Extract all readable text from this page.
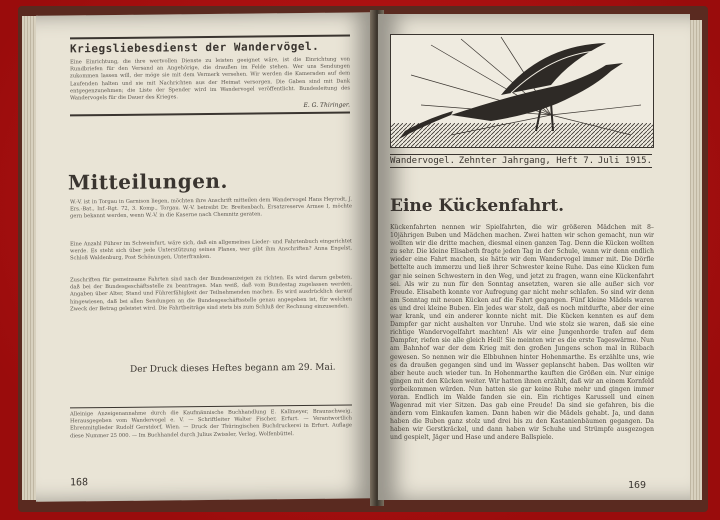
Kriegsliebesdienst der Wandervögel.
Eine Einrichtung, die ihre wertvollen Dienste zu leisten geeignet wäre, ist die Einrichtung von Rundbriefen für den Versand an Angehörige, die draußen im Felde stehen. Wer uns Sendungen zukommen lassen will, der möge sie mit dem Vermerk versehen. Wir werden die Kameraden auf dem Laufenden halten und sie mit Nachrichten aus der Heimat versorgen. Die Gaben sind mit Dank entgegenzunehmen; die Liste der Spender wird im Wandervogel veröffentlicht. Bundesleitung des Wandervogels für die Dauer des Krieges.
E. G. Thiringer.
Mitteilungen.
W.-V. ist in Torgau in Garnison liegen, möchten ihre Anschrift mitteilen dem Wandervogel Hans Heyrodt, J. Ers.-Bat., Inf.-Rgt. 72, 3. Komp., Torgau. W.-V. betreibt Dr. Breitenbach, Ersatzreserve Armee I, möchte gern bekannt werden, wenn W.-V. in die Kaserne nach Chemnitz geraten.
Eine Anzahl Führer im Schweinfurt, wäre sich, daß ein allgemeines Lieder- und Fahrtenbuch eingerichtet werde. Es steht sich über jede Unterstützung seines Planes, wer gibt ihm Anschriften? Anna Engelst, Schloß Waldenburg, Post Schönungen, Unterfranken.
Zuschriften für gemeinsame Fahrten sind nach der Bundesanzeigen zu richten. Es wird darum gebeten, daß bei der Bundesgeschäftsstelle zu beantragen. Man weiß, daß vom Bundestag zugelassen werden. Angaben über Alter, Stand und Führerfähigkeit der Teilnehmenden machen. Es wird ausdrücklich darauf hingewiesen, daß bei allen Sendungen an die Bundesgeschäftsstelle genau angegeben ist, für welchen Zweck der Betrag geleistet wird. Die Fahrtbeiträge sind stets bis zum Schluß der Rechnung einzusenden.
Der Druck dieses Heftes begann am 29. Mai.
Alleinige Anzeigenannahme durch die Kaufmännische Buchhandlung E. Kallmeyer, Braunschweig. Herausgegeben vom Wandervogel e. V. — Schriftleiter Walter Fischer, Erfurt. — Verantwortlich Ehrenmitglieder Rudolf Gerstdorf, Wien. — Druck der Thüringischen Buchdruckerei in Erfurt. Auflage diese Nummer 25 000. — Im Buchhandel durch Julius Zwissler, Verlag, Wolfenbüttel.
168
Wandervogel. Zehnter Jahrgang, Heft 7. Juli 1915.
Eine Kückenfahrt.
Kückenfahrten nennen wir Spielfahrten, die wir größeren Mädchen mit 8–10jährigen Buben und Mädchen machen. Zwei hatten wir schon gemacht, nun wir wollten wir die dritte machen, diesmal einen ganzen Tag. Denn die Kücken wollten zu sehr. Die kleine Elisabeth fragte jeden Tag in der Schule, wann wir denn endlich wieder eine Fahrt machen, sie hätte wir dem Wandervogel immer mit. Die Dörfle bettelte auch immerzu und ließ ihrer Schwester keine Ruhe. Das eine Kücken fum gar nie seinen Schwestern in den Weg, und jetzt zu fragen, wann eine Kückenfahrt sei. Als wir zu nun für den Sonntag ansetzten, waren sie alle außer sich vor Freude. Elisabeth konnte vor Aufregung gar nicht mehr schlafen. So sind wir denn am Sonntag mit neuen Kücken auf die Fahrt gegangen. Fünf kleine Mädels waren es und drei kleine Buben. Ein jedes war stolz, daß es noch mitdurfte, aber der eine war krank, und ein anderer konnte nicht mit. Die Kücken kennten es auf dem Dampfer gar nicht aushalten vor Unruhe. Und wie stolz sie waren, daß sie eine richtige Wandervogelfahrt machten! Als wir eine Jungenhorde trafen auf dem Dampfer, riefen sie alle gleich Heil! Sie meinten wir es die erste Tageswärme. Nun am Bahnhof war der dem Krieg mit den großen Jungens schon mal in Rübach gewesen. So nennen wir die Elbbuhnen hinter Hohenmarthe. Es erzählte uns, wie es da draußen gegangen sind und im Wasser geplanscht haben. Das wollten wir aber heute auch wieder tun. In Hohenmarthe kauften die Größen ein. Nur einige gingen mit den Kücken weiter. Wir hatten ihnen erzählt, daß wir an einem Kornfeld vorbeikommen würden. Nun hatten sie gar keine Ruhe mehr und gingen immer voran. Endlich im Walde fanden sie ein. Ein richtiges Karussell und einen Wagenrad mit vier Sitzen. Das gab eine Freude! Da sind sie gefahren, bis die andern vom Einkaufen kamen. Dann haben wir die Mädels gehabt. Ja, und dann haben die Buben ganz stolz und drei bis zu den Kastanienbäumen gegangen. Da haben wir Gerstkräckel, und dann haben wir Schuhe und Strümpfe ausgezogen und gespielt, Jäger und Hase und andere Ballspiele.
169
